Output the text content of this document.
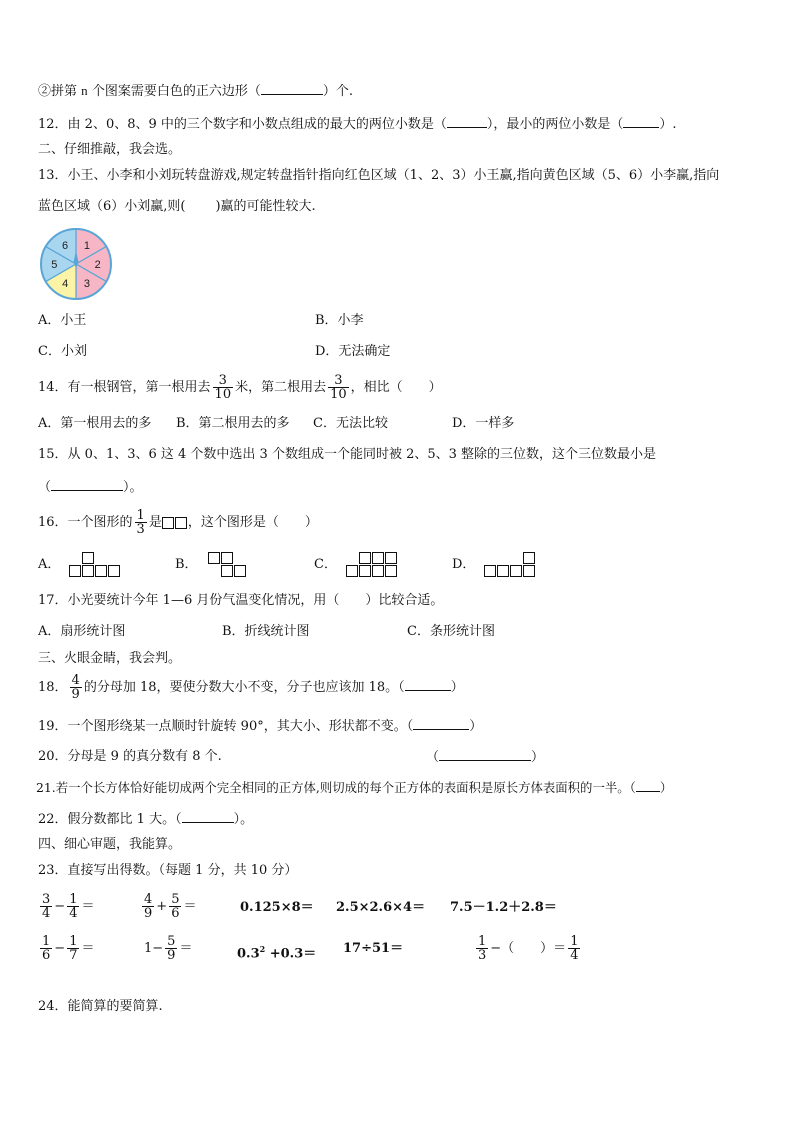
②拼第 n 个图案需要白色的正六边形（	）个.
12．由 2、0、8、9 中的三个数字和小数点组成的最大的两位小数是（	），最小的两位小数是（	）.
二、仔细推敲，我会选。
13．小王、小李和小刘玩转盘游戏,规定转盘指针指向红色区域（1、2、3）小王赢,指向黄色区域（5、6）小李赢,指向
蓝色区域（6）小刘赢,则( )赢的可能性较大.
1
2
3
4
5
6
A．小王	B．小李
C．小刘	D．无法确定
14．有一根钢管，第一根用去 $\frac{3}{10}$ 米，第二根用去 $\frac{3}{10}$ ，相比（　　）
A．第一根用去的多 B．第二根用去的多 C．无法比较	D．一样多
15．从 0、1、3、6 这 4 个数中选出 3 个数组成一个能同时被 2、5、3 整除的三位数，这个三位数最小是
（	）。
16．一个图形的 $\frac{1}{3}$ 是 ，这个图形是（　　）
A．	B．	C．	D．
17．小光要统计今年 1—6 月份气温变化情况，用（　　）比较合适。
A．扇形统计图	B．折线统计图	C．条形统计图
三、火眼金睛，我会判。
18． $\frac{4}{9}$ 的分母加 18，要使分数大小不变，分子也应该加 18。（	）
19．一个图形绕某一点顺时针旋转 90°，其大小、形状都不变。（	）
20．分母是 9 的真分数有 8 个.	（	）
21.若一个长方体恰好能切成两个完全相同的正方体,则切成的每个正方体的表面积是原长方体表面积的一半。（ ）
22．假分数都比 1 大。（	）。
四、细心审题，我能算。
23．直接写出得数。（每题 1 分，共 10 分）
$\frac{3}{4} - \frac{1}{4}$ ＝	$\frac{4}{9} + \frac{5}{6}$ ＝	0.125×8＝ 2.5×2.6×4＝ 7.5－1.2＋2.8＝
$\frac{1}{6} - \frac{1}{7}$ ＝	$1- \frac{5}{9}$ ＝	$0.3^2 +0.3= 17\div 51=$	$\frac{1}{3}$ −（　　）＝ $\frac{1}{4}$
24．能简算的要简算.
